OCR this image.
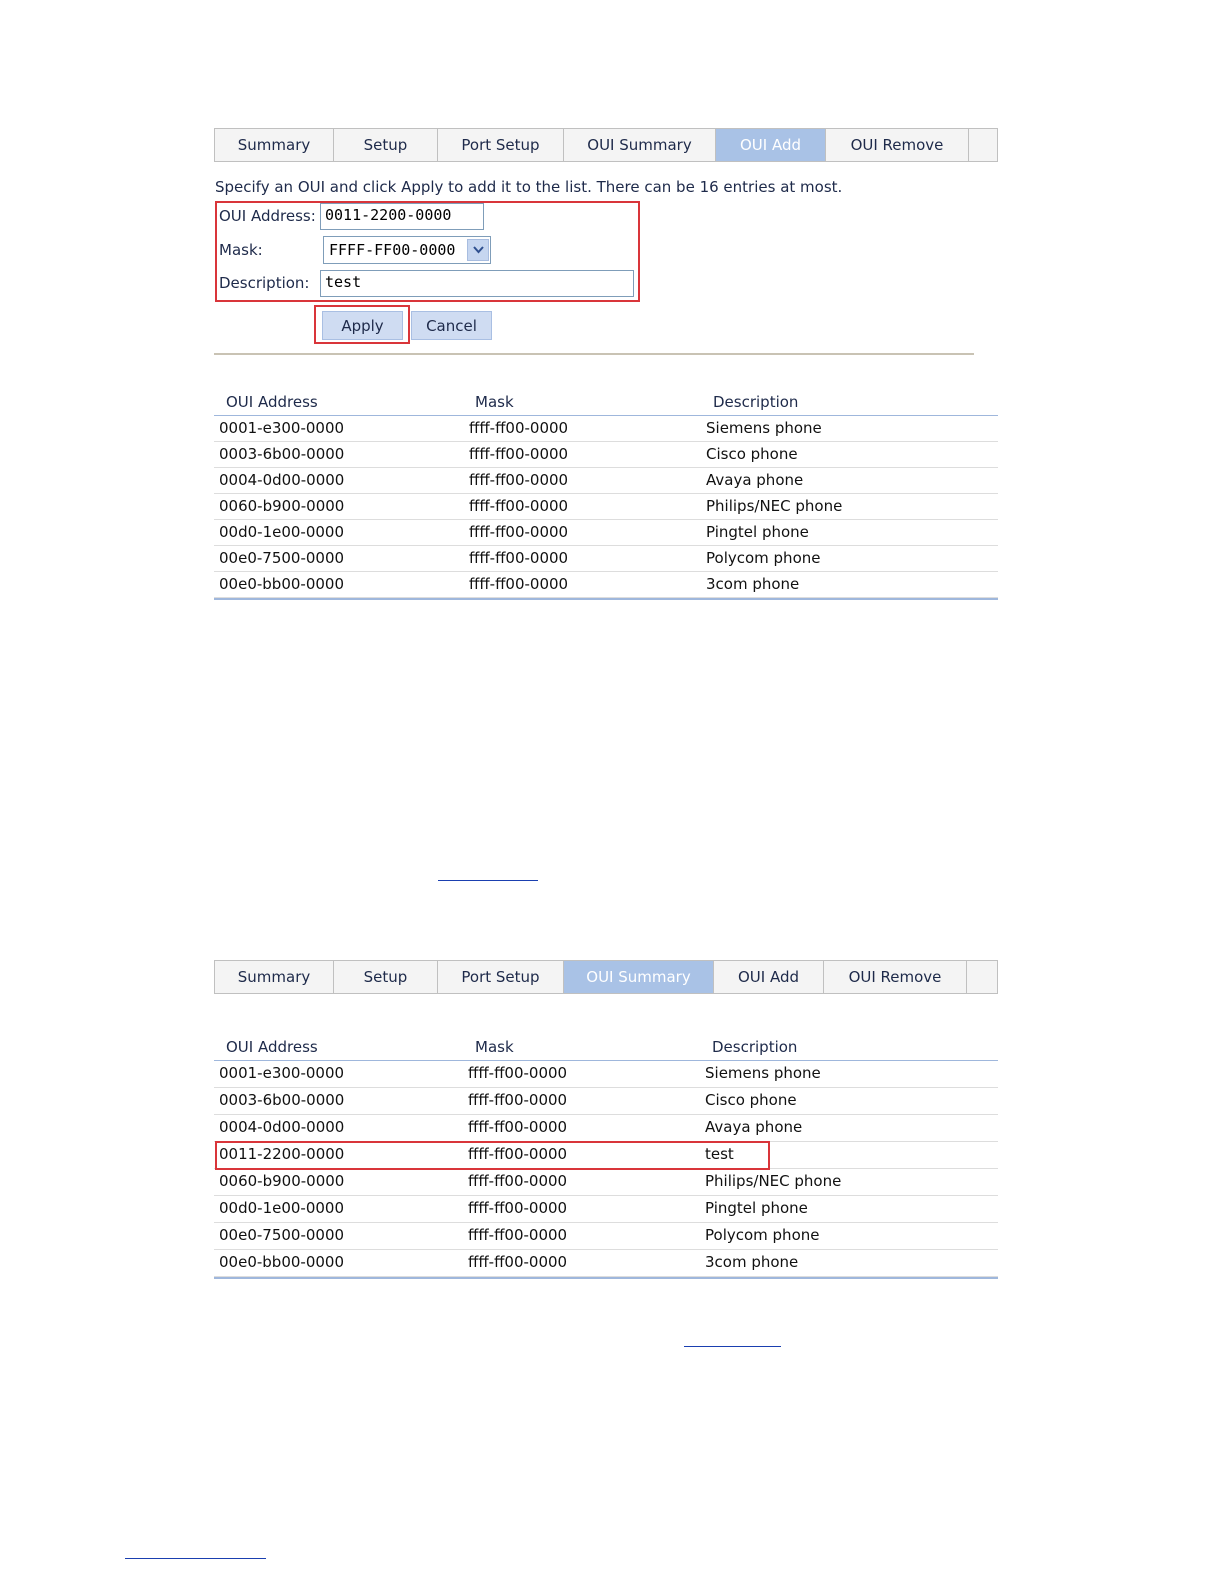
Summary	Setup	Port Setup	OUI Summary	OUI Add	OUI Remove
Specify an OUI and click Apply to add it to the list. There can be 16 entries at most.
OUI Address: 0011-2200-0000
Mask:	FFFF-FF00-0000
Description:	test
Apply	Cancel
OUI Address	Mask	Description
0001-e300-0000	ffff-ff00-0000	Siemens phone
0003-6b00-0000	ffff-ff00-0000	Cisco phone
0004-0d00-0000	ffff-ff00-0000	Avaya phone
0060-b900-0000	ffff-ff00-0000	Philips/NEC phone
00d0-1e00-0000	ffff-ff00-0000	Pingtel phone
00e0-7500-0000	ffff-ff00-0000	Polycom phone
00e0-bb00-0000	ffff-ff00-0000	3com phone
Summary	Setup	Port Setup	OUI Summary	OUI Add	OUI Remove
OUI Address	Mask	Description
0001-e300-0000	ffff-ff00-0000	Siemens phone
0003-6b00-0000	ffff-ff00-0000	Cisco phone
0004-0d00-0000	ffff-ff00-0000	Avaya phone
0011-2200-0000	ffff-ff00-0000	test
0060-b900-0000	ffff-ff00-0000	Philips/NEC phone
00d0-1e00-0000	ffff-ff00-0000	Pingtel phone
00e0-7500-0000	ffff-ff00-0000	Polycom phone
00e0-bb00-0000	ffff-ff00-0000	3com phone
